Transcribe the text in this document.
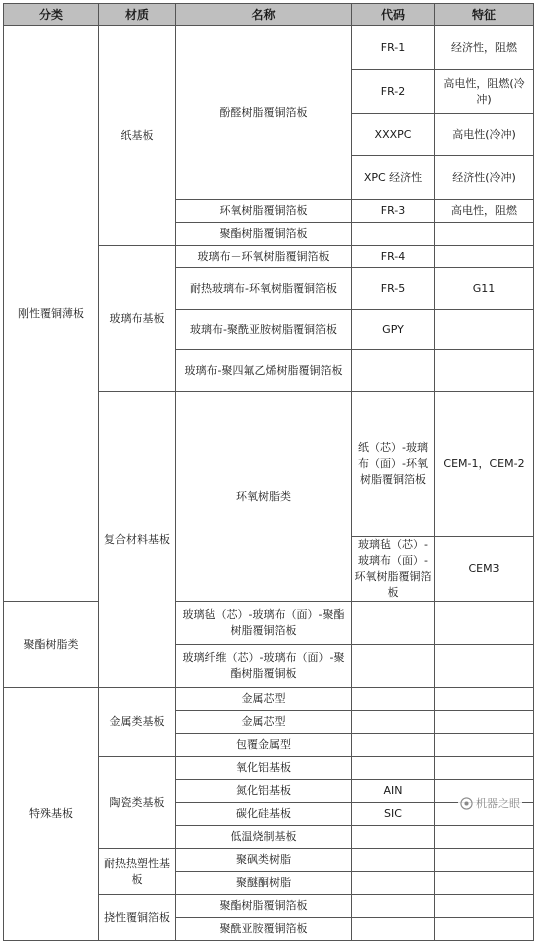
分类	材质	名称	代码	特征	
刚性覆铜薄板	纸基板	酚醛树脂覆铜箔板	FR-1	经济性，阻燃	
			FR-2	高电性，阻燃(冷冲)	
			XXXPC	高电性(冷冲)	
			XPC 经济性	经济性(冷冲)	
		环氧树脂覆铜箔板	FR-3	高电性，阻燃	
		聚酯树脂覆铜箔板			
	玻璃布基板	玻璃布－环氧树脂覆铜箔板	FR-4		
		耐热玻璃布-环氧树脂覆铜箔板	FR-5	G11	
		玻璃布-聚酰亚胺树脂覆铜箔板	GPY		
		玻璃布-聚四氟乙烯树脂覆铜箔板			
	复合材料基板	环氧树脂类	纸（芯）-玻璃布（面）-环氧树脂覆铜箔板	CEM-1，CEM-2	
			玻璃毡（芯）-玻璃布（面）-环氧树脂覆铜箔板	CEM3	
聚酯树脂类		玻璃毡（芯）-玻璃布（面）-聚酯树脂覆铜箔板			
		玻璃纤维（芯）-玻璃布（面）-聚酯树脂覆铜板			
特殊基板	金属类基板	金属芯型			
		金属芯型			
		包覆金属型			
	陶瓷类基板	氧化铝基板			
		氮化铝基板	AIN		
		碳化硅基板	SIC		
		低温烧制基板			
	耐热热塑性基板	聚砜类树脂			
		聚醚酮树脂			
	挠性覆铜箔板	聚酯树脂覆铜箔板			
		聚酰亚胺覆铜箔板			
机器之眼
